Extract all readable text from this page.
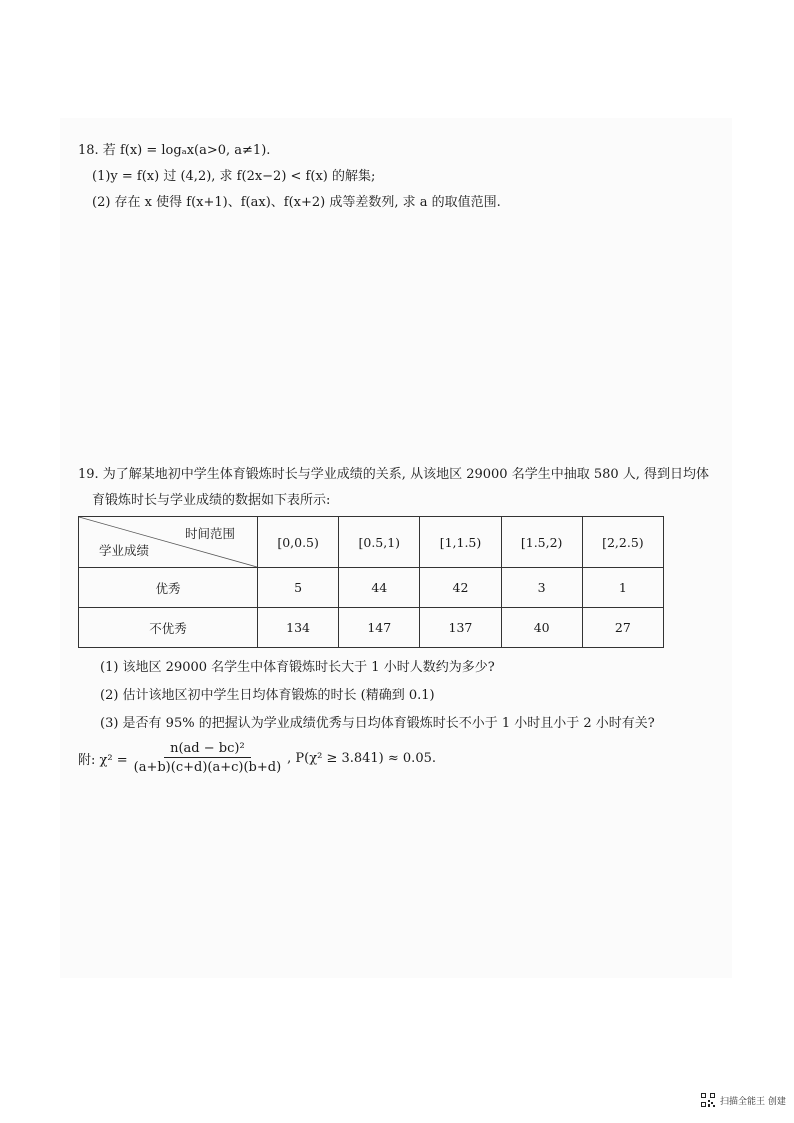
18. 若 f(x) = logₐx(a>0, a≠1).
(1)y = f(x) 过 (4,2), 求 f(2x−2) < f(x) 的解集;
(2) 存在 x 使得 f(x+1)、f(ax)、f(x+2) 成等差数列, 求 a 的取值范围.
19. 为了解某地初中学生体育锻炼时长与学业成绩的关系, 从该地区 29000 名学生中抽取 580 人, 得到日均体
育锻炼时长与学业成绩的数据如下表所示:
时间范围
学业成绩	[0,0.5)	[0.5,1)	[1,1.5)	[1.5,2)	[2,2.5)
优秀	5	44	42	3	1
不优秀	134	147	137	40	27
(1) 该地区 29000 名学生中体育锻炼时长大于 1 小时人数约为多少?
(2) 估计该地区初中学生日均体育锻炼的时长 (精确到 0.1)
(3) 是否有 95% 的把握认为学业成绩优秀与日均体育锻炼时长不小于 1 小时且小于 2 小时有关?
附: $\chi^2 = \frac{\text{n(ad − bc)²}}{(a+b)(c+d)(a+c)(b+d)}$ , P(χ² ≥ 3.841) ≈ 0.05.
扫描全能王 创建
